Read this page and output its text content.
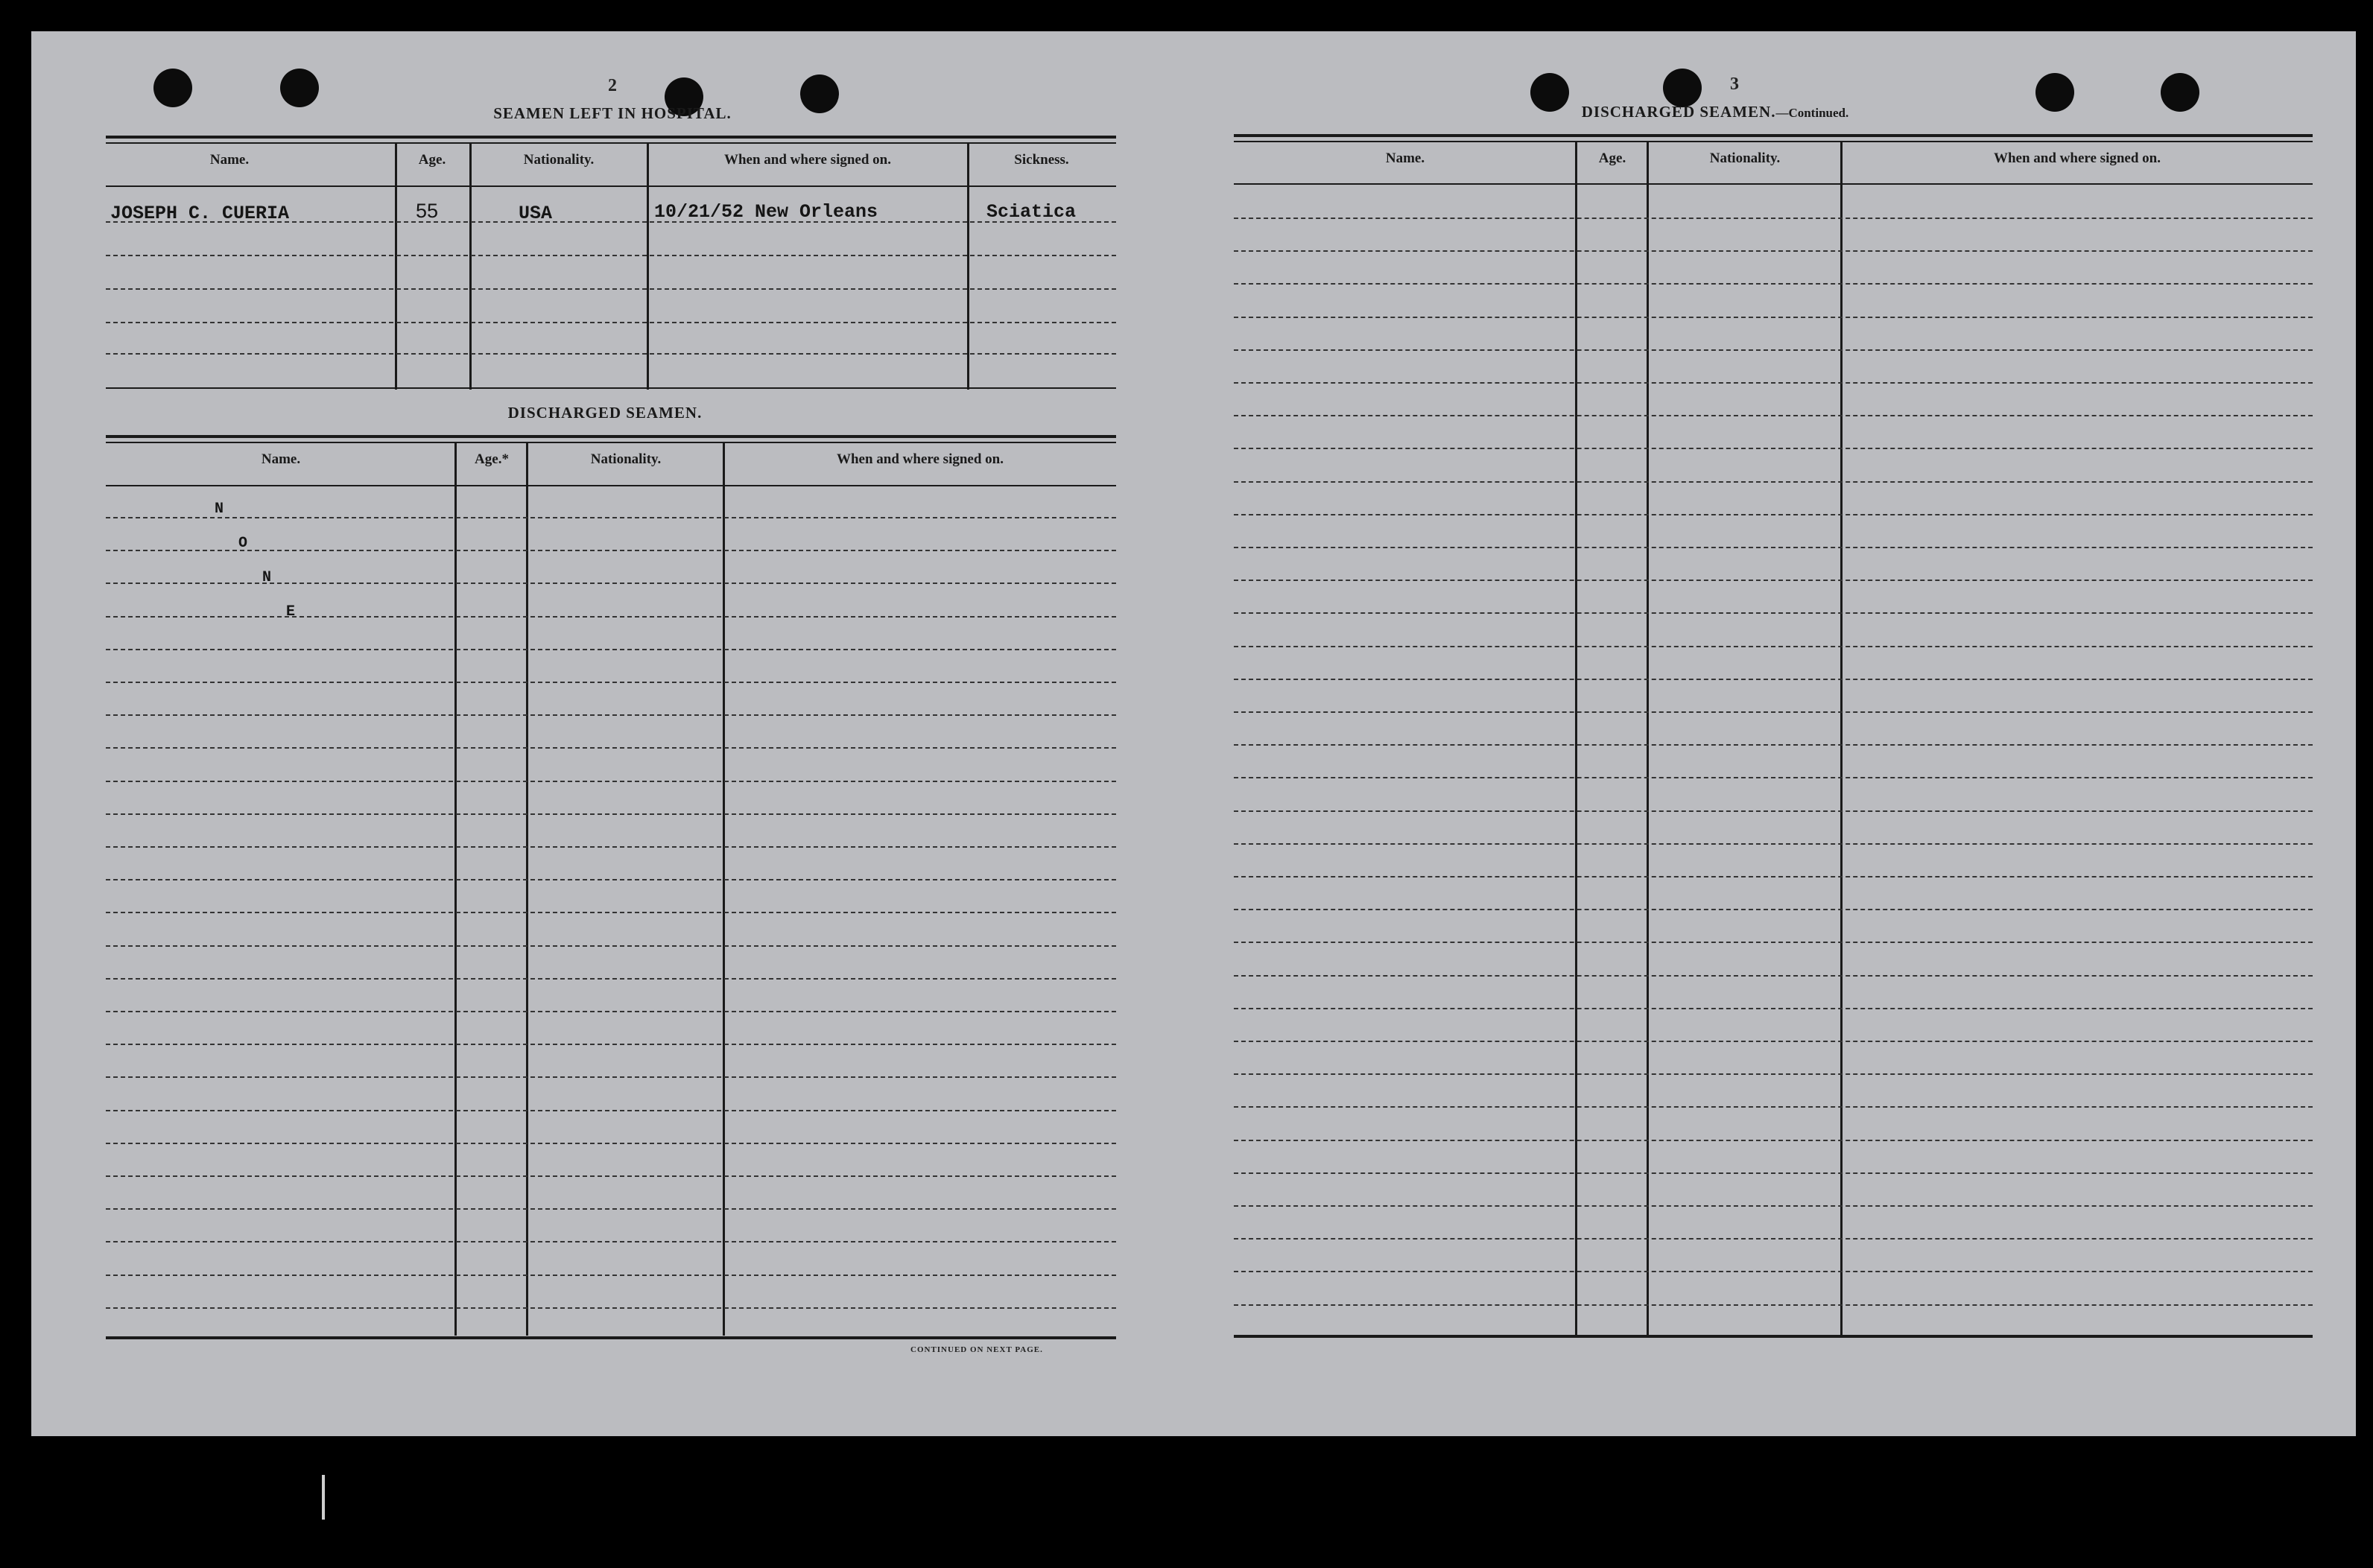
2
SEAMEN LEFT IN HOSPITAL.
Name.	Age.	Nationality.	When and where signed on.	Sickness.
JOSEPH C. CUERIA	55	USA	10/21/52 New Orleans	Sciatica
DISCHARGED SEAMEN.
Name.	Age.*	Nationality.	When and where signed on.
N
O
N
E
CONTINUED ON NEXT PAGE.
3
DISCHARGED SEAMEN.—Continued.
Name.	Age.	Nationality.	When and where signed on.
